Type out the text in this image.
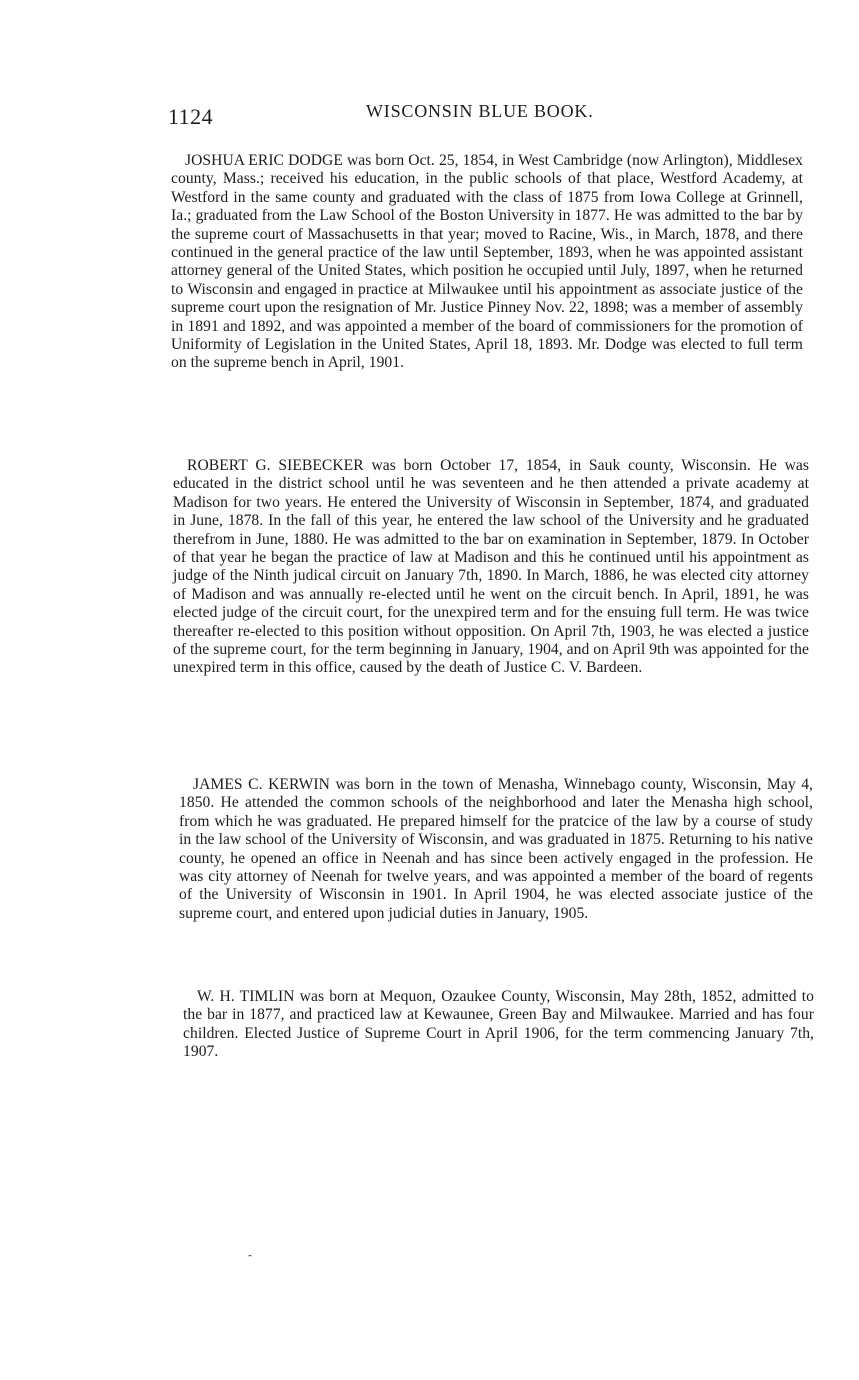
1124	WISCONSIN BLUE BOOK.

JOSHUA ERIC DODGE was born Oct. 25, 1854, in West Cambridge (now Arlington), Middlesex county, Mass.; received his education, in the public schools of that place, Westford Academy, at Westford in the same county and graduated with the class of 1875 from Iowa College at Grinnell, Ia.; graduated from the Law School of the Boston University in 1877. He was admitted to the bar by the supreme court of Massachusetts in that year; moved to Racine, Wis., in March, 1878, and there continued in the general practice of the law until September, 1893, when he was appointed assistant attorney general of the United States, which position he occupied until July, 1897, when he returned to Wisconsin and engaged in practice at Milwaukee until his appointment as associate justice of the supreme court upon the resignation of Mr. Justice Pinney Nov. 22, 1898; was a member of assembly in 1891 and 1892, and was appointed a member of the board of commissioners for the promotion of Uniformity of Legislation in the United States, April 18, 1893. Mr. Dodge was elected to full term on the supreme bench in April, 1901.

ROBERT G. SIEBECKER was born October 17, 1854, in Sauk county, Wisconsin. He was educated in the district school until he was seventeen and he then attended a private academy at Madison for two years. He entered the University of Wisconsin in September, 1874, and graduated in June, 1878. In the fall of this year, he entered the law school of the University and he graduated therefrom in June, 1880. He was admitted to the bar on examination in September, 1879. In October of that year he began the practice of law at Madison and this he continued until his appointment as judge of the Ninth judical circuit on January 7th, 1890. In March, 1886, he was elected city attorney of Madison and was annually re-elected until he went on the circuit bench. In April, 1891, he was elected judge of the circuit court, for the unexpired term and for the ensuing full term. He was twice thereafter re-elected to this position without opposition. On April 7th, 1903, he was elected a justice of the supreme court, for the term beginning in January, 1904, and on April 9th was appointed for the unexpired term in this office, caused by the death of Justice C. V. Bardeen.

JAMES C. KERWIN was born in the town of Menasha, Winnebago county, Wisconsin, May 4, 1850. He attended the common schools of the neighborhood and later the Menasha high school, from which he was graduated. He prepared himself for the pratcice of the law by a course of study in the law school of the University of Wisconsin, and was graduated in 1875. Returning to his native county, he opened an office in Neenah and has since been actively engaged in the profession. He was city attorney of Neenah for twelve years, and was appointed a member of the board of regents of the University of Wisconsin in 1901. In April 1904, he was elected associate justice of the supreme court, and entered upon judicial duties in January, 1905.

W. H. TIMLIN was born at Mequon, Ozaukee County, Wisconsin, May 28th, 1852, admitted to the bar in 1877, and practiced law at Kewaunee, Green Bay and Milwaukee. Married and has four children. Elected Justice of Supreme Court in April 1906, for the term commencing January 7th, 1907.
